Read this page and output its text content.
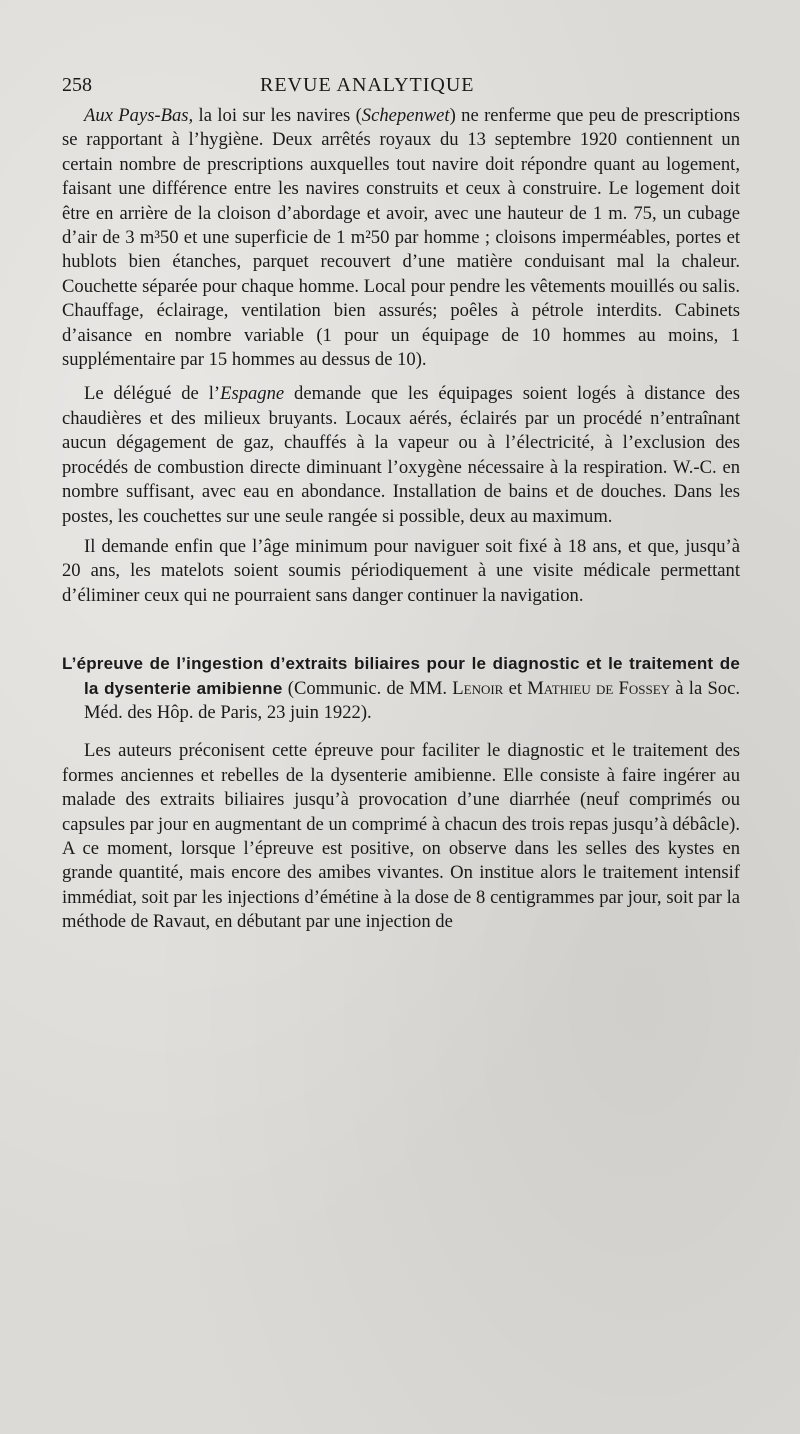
258	REVUE ANALYTIQUE

Aux Pays-Bas, la loi sur les navires (Schepenwet) ne renferme que peu de prescriptions se rapportant à l’hygiène. Deux arrêtés royaux du 13 septembre 1920 contiennent un certain nombre de prescriptions auxquelles tout navire doit répondre quant au logement, faisant une différence entre les navires construits et ceux à construire. Le logement doit être en arrière de la cloison d’abordage et avoir, avec une hauteur de 1 m. 75, un cubage d’air de 3 m³50 et une superficie de 1 m²50 par homme ; cloisons imperméables, portes et hublots bien étanches, parquet recouvert d’une matière conduisant mal la chaleur. Couchette séparée pour chaque homme. Local pour pendre les vêtements mouillés ou salis. Chauffage, éclairage, ventilation bien assurés; poêles à pétrole interdits. Cabinets d’aisance en nombre variable (1 pour un équipage de 10 hommes au moins, 1 supplémentaire par 15 hommes au dessus de 10).

Le délégué de l’Espagne demande que les équipages soient logés à distance des chaudières et des milieux bruyants. Locaux aérés, éclairés par un procédé n’entraînant aucun dégagement de gaz, chauffés à la vapeur ou à l’électricité, à l’exclusion des procédés de combustion directe diminuant l’oxygène nécessaire à la respiration. W.-C. en nombre suffisant, avec eau en abondance. Installation de bains et de douches. Dans les postes, les couchettes sur une seule rangée si possible, deux au maximum.

Il demande enfin que l’âge minimum pour naviguer soit fixé à 18 ans, et que, jusqu’à 20 ans, les matelots soient soumis périodiquement à une visite médicale permettant d’éliminer ceux qui ne pourraient sans danger continuer la navigation.

L’épreuve de l’ingestion d’extraits biliaires pour le diagnostic et le traitement de la dysenterie amibienne (Communic. de MM. Lenoir et Mathieu de Fossey à la Soc. Méd. des Hôp. de Paris, 23 juin 1922).

Les auteurs préconisent cette épreuve pour faciliter le diagnostic et le traitement des formes anciennes et rebelles de la dysenterie amibienne. Elle consiste à faire ingérer au malade des extraits biliaires jusqu’à provocation d’une diarrhée (neuf comprimés ou capsules par jour en augmentant de un comprimé à chacun des trois repas jusqu’à débâcle). A ce moment, lorsque l’épreuve est positive, on observe dans les selles des kystes en grande quantité, mais encore des amibes vivantes. On institue alors le traitement intensif immédiat, soit par les injections d’émétine à la dose de 8 centigrammes par jour, soit par la méthode de Ravaut, en débutant par une injection de
